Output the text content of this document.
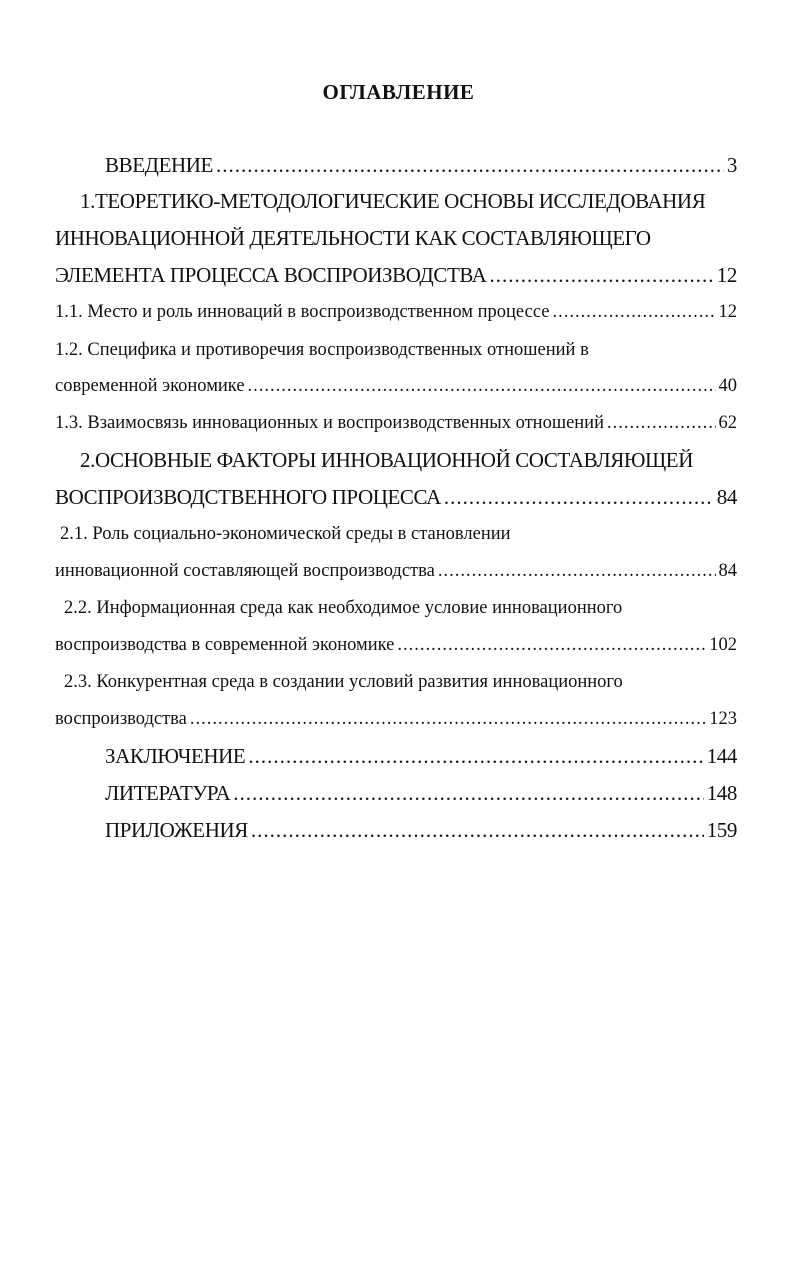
ОГЛАВЛЕНИЕ
ВВЕДЕНИЕ .....	3
1.ТЕОРЕТИКО-МЕТОДОЛОГИЧЕСКИЕ ОСНОВЫ ИССЛЕДОВАНИЯ
ИННОВАЦИОННОЙ ДЕЯТЕЛЬНОСТИ КАК СОСТАВЛЯЮЩЕГО
ЭЛЕМЕНТА ПРОЦЕССА ВОСПРОИЗВОДСТВА .....	12
1.1. Место и роль инноваций в воспроизводственном процессе .....	12
1.2. Специфика и противоречия воспроизводственных отношений в
современной экономике .....	40
1.3. Взаимосвязь инновационных и воспроизводственных отношений .....	62
2.ОСНОВНЫЕ ФАКТОРЫ ИННОВАЦИОННОЙ СОСТАВЛЯЮЩЕЙ
ВОСПРОИЗВОДСТВЕННОГО ПРОЦЕССА .....	84
2.1. Роль социально-экономической среды в становлении
инновационной составляющей воспроизводства .....	84
2.2. Информационная среда как необходимое условие инновационного
воспроизводства в современной экономике .....	102
2.3. Конкурентная среда в создании условий развития инновационного
воспроизводства .....	123
ЗАКЛЮЧЕНИЕ .....	144
ЛИТЕРАТУРА .....	148
ПРИЛОЖЕНИЯ .....	159
